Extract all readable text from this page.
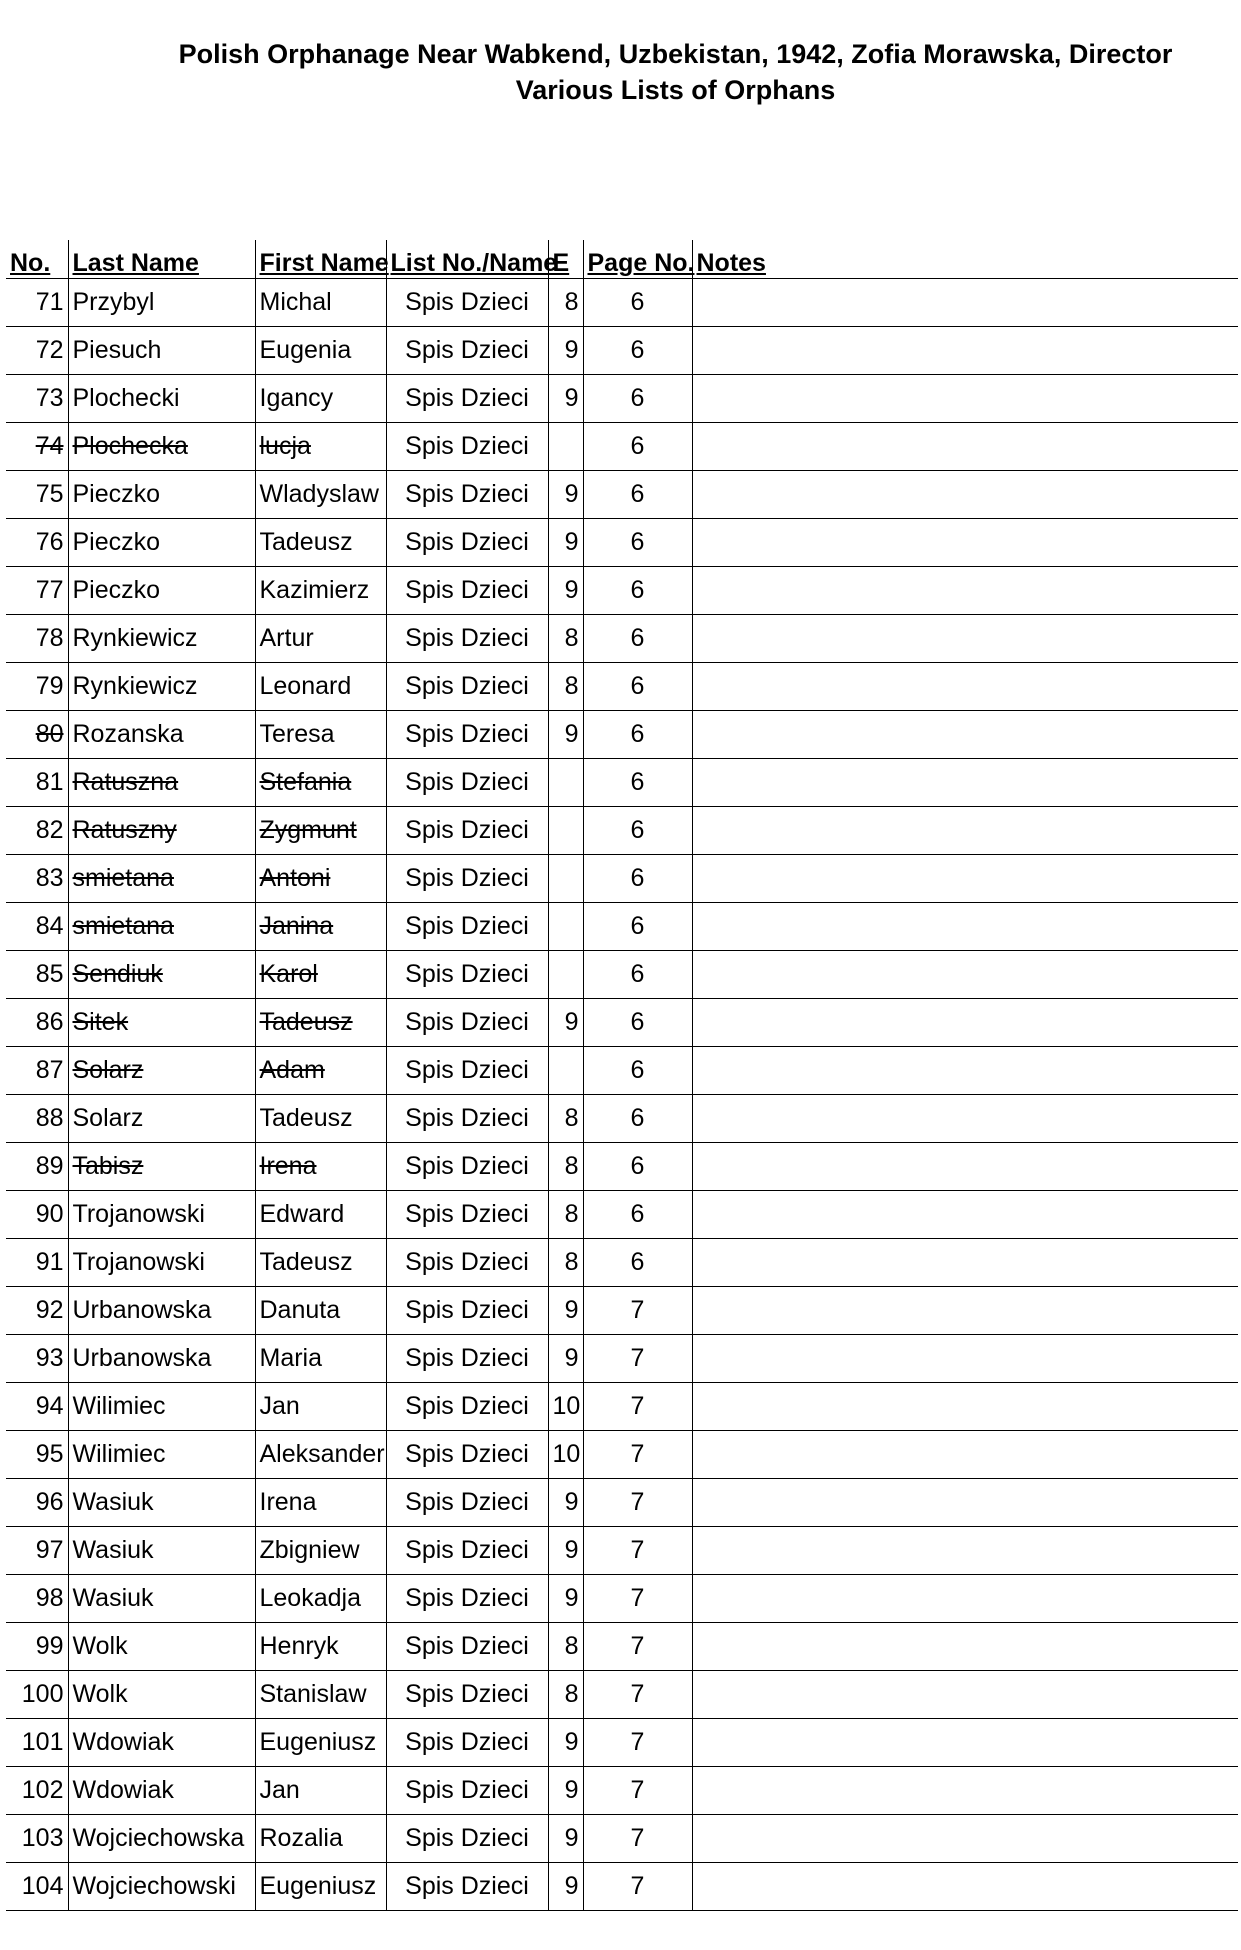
Polish Orphanage Near Wabkend, Uzbekistan, 1942, Zofia Morawska, Director
Various Lists of Orphans
No.	Last Name	First Name	List No./Name	E	Page No.	Notes
71	Przybyl	Michal	Spis Dzieci	8	6	
72	Piesuch	Eugenia	Spis Dzieci	9	6	
73	Plochecki	Igancy	Spis Dzieci	9	6	
74	Plochecka	lucja	Spis Dzieci		6	
75	Pieczko	Wladyslaw	Spis Dzieci	9	6	
76	Pieczko	Tadeusz	Spis Dzieci	9	6	
77	Pieczko	Kazimierz	Spis Dzieci	9	6	
78	Rynkiewicz	Artur	Spis Dzieci	8	6	
79	Rynkiewicz	Leonard	Spis Dzieci	8	6	
80	Rozanska	Teresa	Spis Dzieci	9	6	
81	Ratuszna	Stefania	Spis Dzieci		6	
82	Ratuszny	Zygmunt	Spis Dzieci		6	
83	smietana	Antoni	Spis Dzieci		6	
84	smietana	Janina	Spis Dzieci		6	
85	Sendiuk	Karol	Spis Dzieci		6	
86	Sitek	Tadeusz	Spis Dzieci	9	6	
87	Solarz	Adam	Spis Dzieci		6	
88	Solarz	Tadeusz	Spis Dzieci	8	6	
89	Tabisz	Irena	Spis Dzieci	8	6	
90	Trojanowski	Edward	Spis Dzieci	8	6	
91	Trojanowski	Tadeusz	Spis Dzieci	8	6	
92	Urbanowska	Danuta	Spis Dzieci	9	7	
93	Urbanowska	Maria	Spis Dzieci	9	7	
94	Wilimiec	Jan	Spis Dzieci	10	7	
95	Wilimiec	Aleksander	Spis Dzieci	10	7	
96	Wasiuk	Irena	Spis Dzieci	9	7	
97	Wasiuk	Zbigniew	Spis Dzieci	9	7	
98	Wasiuk	Leokadja	Spis Dzieci	9	7	
99	Wolk	Henryk	Spis Dzieci	8	7	
100	Wolk	Stanislaw	Spis Dzieci	8	7	
101	Wdowiak	Eugeniusz	Spis Dzieci	9	7	
102	Wdowiak	Jan	Spis Dzieci	9	7	
103	Wojciechowska	Rozalia	Spis Dzieci	9	7	
104	Wojciechowski	Eugeniusz	Spis Dzieci	9	7	
